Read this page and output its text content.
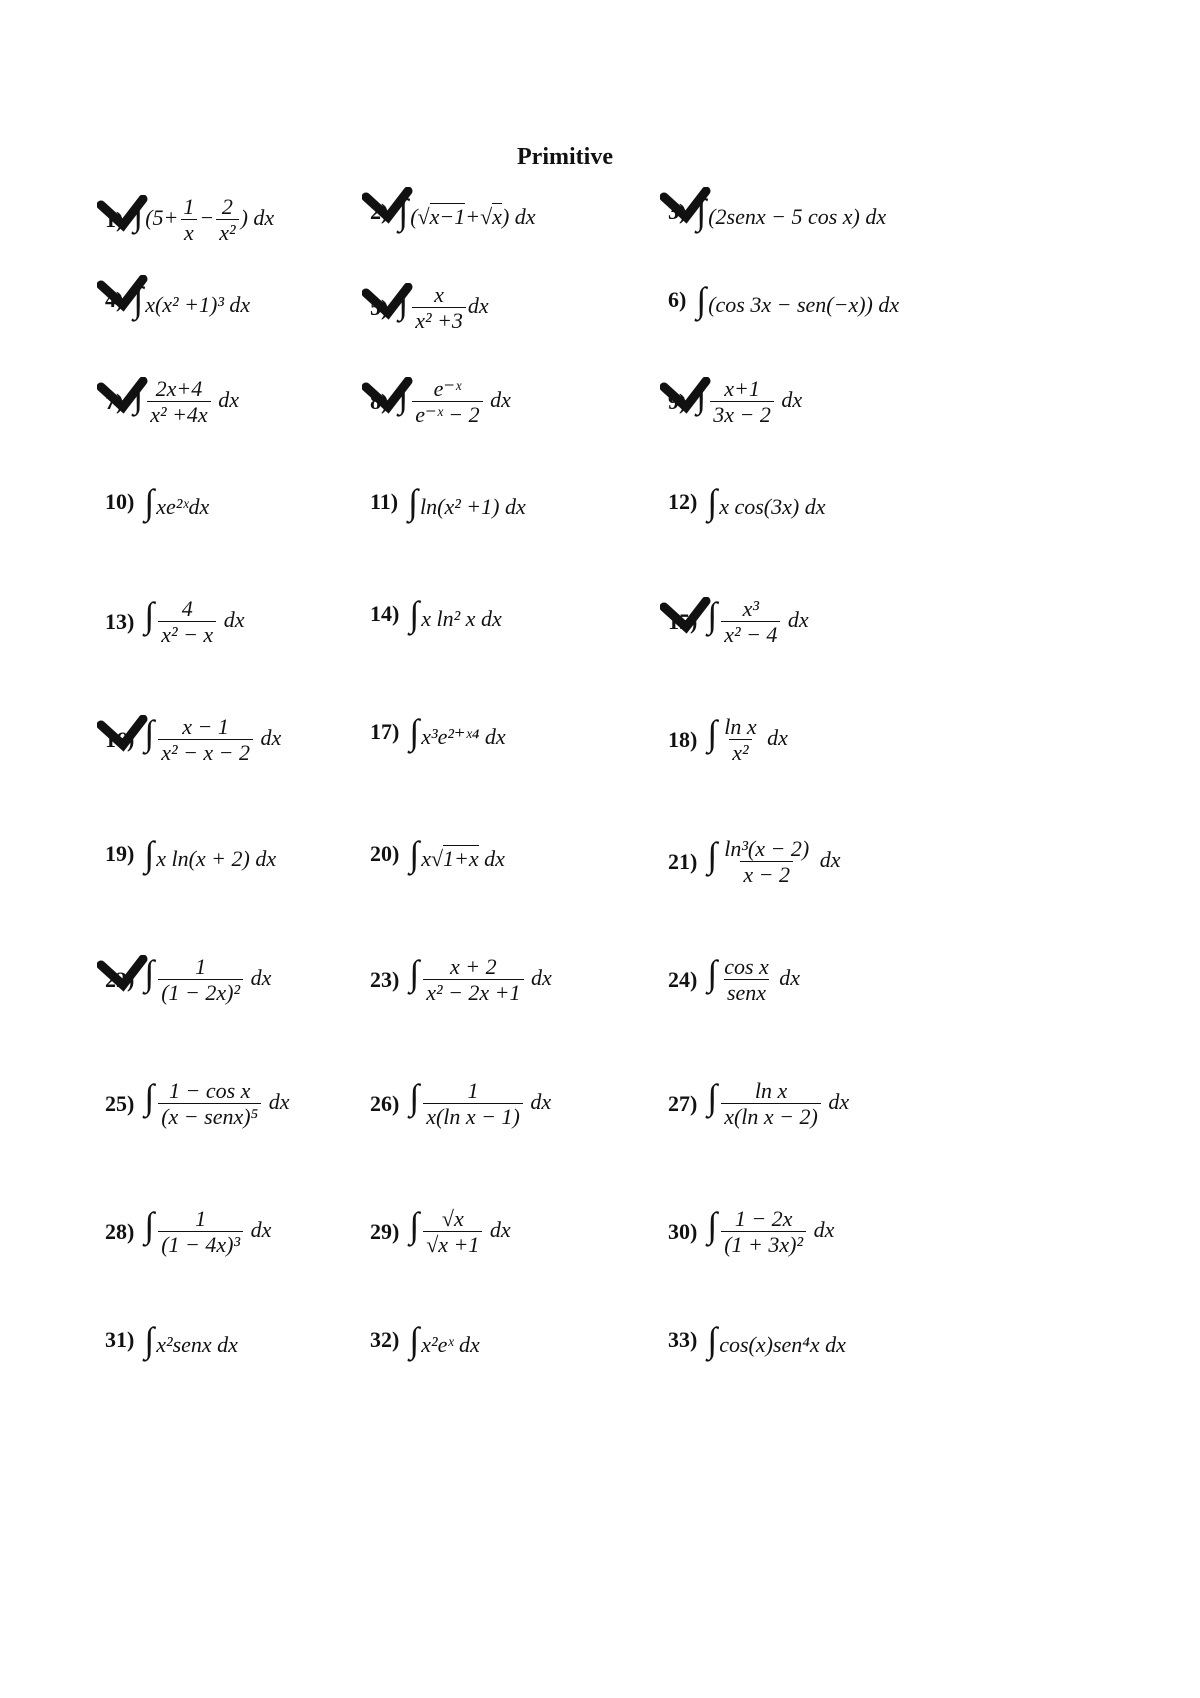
Primitive
1) $\int(5+ \frac{1}{x} - \frac{2}{\text{x²}}$ ) dx	2) ∫(√x−1+√x) dx	3) ∫(2senx − 5 cos x) dx
4) ∫x(x² +1)³ dx	5) ∫ $\frac{x}{\text{x² +3}}$ dx	6) ∫(cos 3x − sen(−x)) dx
7) ∫ $\frac{2x+4}{\text{x² +4x}}$ dx	8) ∫ $\frac{\text{e⁻ˣ}}{\text{e⁻ˣ − 2}}$ dx	9) ∫ $\frac{x+1}{3x - 2}$ dx
10) ∫xe²ˣdx	11) ∫ln(x² +1) dx	12) ∫x cos(3x) dx
13) ∫ $\frac{4}{\text{x² − x}}$ dx	14) ∫x ln² x dx	15) ∫ $\frac{\text{x³}}{\text{x² − 4}}$ dx
16) ∫ $\frac{x - 1}{\text{x² − x − 2}}$ dx	17) ∫x³e²⁺ˣ⁴ dx	18) ∫ $\frac{\text{ln x}}{\text{x²}}$ dx
19) ∫x ln(x + 2) dx	20) ∫x√1+x dx	21) ∫ $\frac{\text{ln³(x − 2)}}{x - 2}$ dx
22) ∫ $\frac{1}{\text{(1 − 2x)²}}$ dx	23) ∫ $\frac{x + 2}{\text{x² − 2x +1}}$ dx	24) ∫ $\frac{\text{cos x}}{\text{senx}}$ dx
25) ∫ $\frac{\text{1 − cos x}}{\text{(x − senx)⁵}}$ dx	26) ∫ $\frac{1}{\text{x(ln x − 1)}}$ dx	27) ∫ $\frac{\text{ln x}}{\text{x(ln x − 2)}}$ dx
28) ∫ $\frac{1}{\text{(1 − 4x)³}}$ dx	29) ∫ $\frac{√x}{√x +1}$ dx	30) ∫ $\frac{1 - 2x}{\text{(1 + 3x)²}}$ dx
31) ∫x²senx dx	32) ∫x²eˣ dx	33) ∫cos(x)sen⁴x dx
